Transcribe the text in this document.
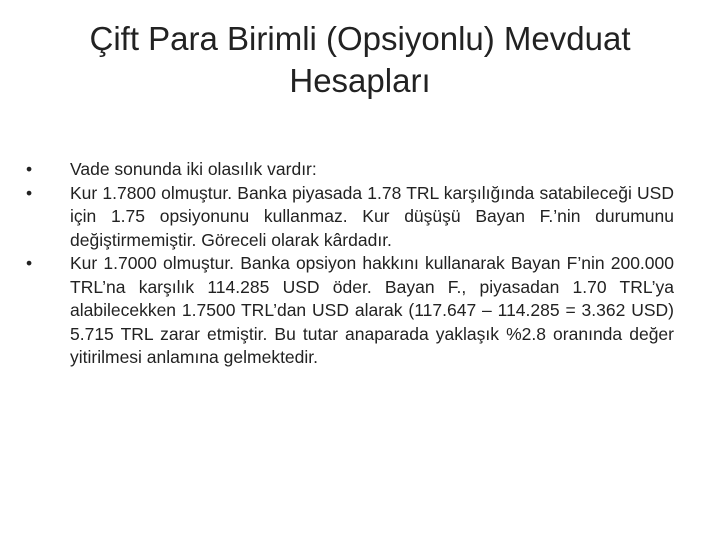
Çift Para Birimli (Opsiyonlu) Mevduat
Hesapları
•	Vade sonunda iki olasılık vardır:
•	Kur 1.7800 olmuştur. Banka piyasada 1.78 TRL karşılığında satabileceği USD için 1.75 opsiyonunu kullanmaz. Kur düşüşü Bayan F.’nin durumunu değiştirmemiştir. Göreceli olarak kârdadır.
•	Kur 1.7000 olmuştur. Banka opsiyon hakkını kullanarak Bayan F’nin 200.000 TRL’na karşılık 114.285 USD öder. Bayan F., piyasadan 1.70 TRL’ya alabilecekken 1.7500 TRL’dan USD alarak (117.647 – 114.285 = 3.362 USD) 5.715 TRL zarar etmiştir. Bu tutar anaparada yaklaşık %2.8 oranında değer yitirilmesi anlamına gelmektedir.
